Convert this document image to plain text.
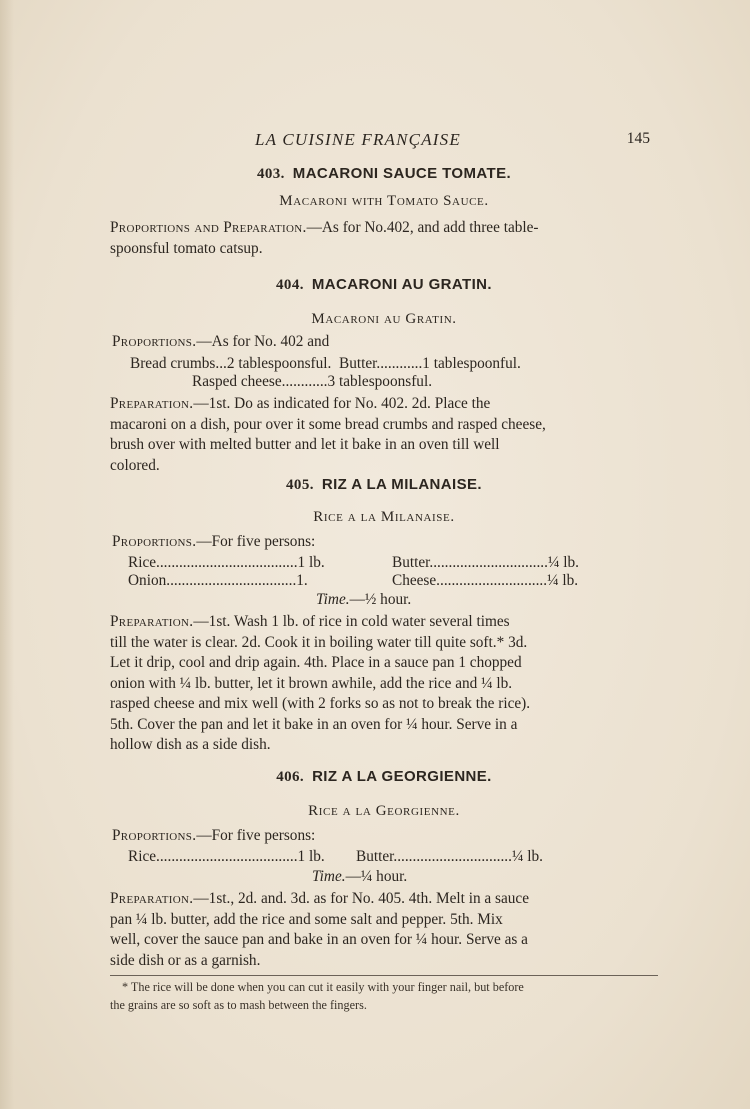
LA CUISINE FRANÇAISE	145
403. MACARONI SAUCE TOMATE.
Macaroni with Tomato Sauce.
Proportions and Preparation.—As for No.402, and add three table-
spoonsful tomato catsup.
404. MACARONI AU GRATIN.
Macaroni au Gratin.
Proportions.—As for No. 402 and
Bread crumbs...2 tablespoonsful.  Butter............1 tablespoonful.
Rasped cheese............3 tablespoonsful.
Preparation.—1st. Do as indicated for No. 402. 2d. Place the
macaroni on a dish, pour over it some bread crumbs and rasped cheese,
brush over with melted butter and let it bake in an oven till well
colored.
405. RIZ A LA MILANAISE.
Rice a la Milanaise.
Proportions.—For five persons:
Rice.....................................1 lb.	Butter...............................¼ lb.
Onion..................................1.	Cheese.............................¼ lb.
Time.—½ hour.
Preparation.—1st. Wash 1 lb. of rice in cold water several times
till the water is clear. 2d. Cook it in boiling water till quite soft.* 3d.
Let it drip, cool and drip again. 4th. Place in a sauce pan 1 chopped
onion with ¼ lb. butter, let it brown awhile, add the rice and ¼ lb.
rasped cheese and mix well (with 2 forks so as not to break the rice).
5th. Cover the pan and let it bake in an oven for ¼ hour. Serve in a
hollow dish as a side dish.
406. RIZ A LA GEORGIENNE.
Rice a la Georgienne.
Proportions.—For five persons:
Rice.....................................1 lb. Butter...............................¼ lb.
Time.—¼ hour.
Preparation.—1st., 2d. and. 3d. as for No. 405. 4th. Melt in a sauce
pan ¼ lb. butter, add the rice and some salt and pepper. 5th. Mix
well, cover the sauce pan and bake in an oven for ¼ hour. Serve as a
side dish or as a garnish.
* The rice will be done when you can cut it easily with your finger nail, but before
the grains are so soft as to mash between the fingers.
